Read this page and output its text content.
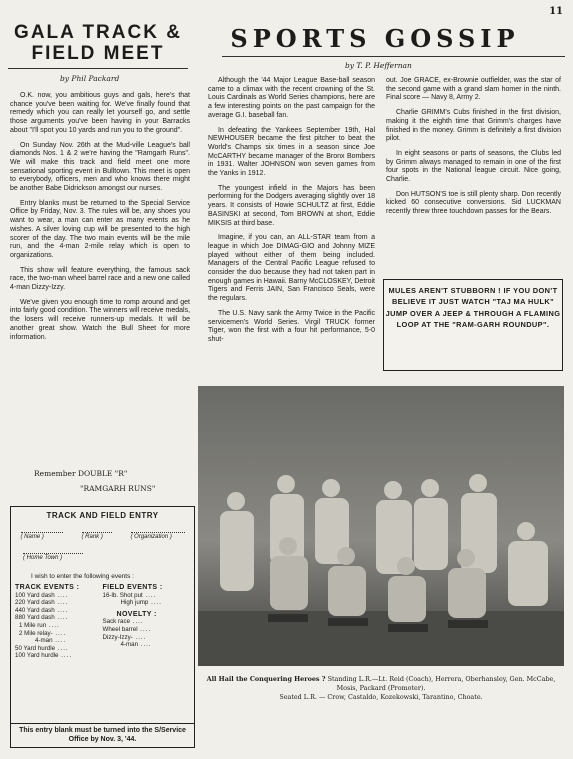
11
GALA TRACK & FIELD MEET
by Phil Packard

O.K. now, you ambitious guys and gals, here's that chance you've been waiting for. We've finally found that remedy which you can really let yourself go, and settle those arguments you've been having in your Barracks about "I'll spot you 10 yards and run you to the ground".

On Sunday Nov. 26th at the Mud-ville League's ball diamonds Nos. 1 & 2 we're having the "Ramgarh Runs". We will make this track and field meet one more sensational sporting event in Bulltown. This meet is open to everybody, officers, men and who knows there might be another Babe Didrickson amongst our nurses.

Entry blanks must be returned to the Special Service Office by Friday, Nov. 3. The rules will be, any shoes you want to wear, a man can enter as many events as he wishes. A silver loving cup will be presented to the high scorer of the day. The two main events will be the mile run, and the 4-man 2-mile relay which is open to organizations.

This show will feature everything, the famous sack race, the two-man wheel barrel race and a new one called 4-man Dizzy-Izzy.

We've given you enough time to romp around and get into fairly good condition. The winners will receive medals, the losers will receive runners-up medals. It will be another great show. Watch the Bull Sheet for more information.

Remember DOUBLE "R"
"RAMGARH RUNS"
TRACK AND FIELD ENTRY
( Name )	( Rank )	( Organization )
( Home Town )
I wish to enter the following events :
TRACK EVENTS :
100 Yard dash ....
220 Yard dash ....
440 Yard dash ....
880 Yard dash ....
1 Mile run ....
2 Mile relay- ....
4-man ....
50 Yard hurdle ....
100 Yard hurdle ....
FIELD EVENTS :
16-lb. Shot put ....
High jump ....
NOVELTY :
Sack race ....
Wheel barrel ....
Dizzy-Izzy- ....
4-man ....
This entry blank must be turned into the S/Service Office by Nov. 3, '44.
SPORTS GOSSIP
by T. P. Heffernan

Although the '44 Major League Base-ball season came to a climax with the recent crowning of the St. Louis Cardinals as World Series champions, here are a few interesting points on the past campaign for the average G.I. baseball fan.

In defeating the Yankees September 19th, Hal NEWHOUSER became the first pitcher to beat the World's Champs six times in a season since Joe McCARTHY became manager of the Bronx Bombers in 1931. Walter JOHNSON won seven games from the Yanks in 1912.

The youngest infield in the Majors has been performing for the Dodgers averaging slightly over 18 years. It consists of Howie SCHULTZ at first, Eddie BASINSKI at second, Tom BROWN at short, Eddie MIKSIS at third base.

Imagine, if you can, an ALL-STAR team from a league in which Joe DIMAG-GIO and Johnny MIZE played without either of them being included. Managers of the Central Pacific League refused to consider the duo because they had not taken part in enough games in Hawaii. Barny McCLOSKEY, Detroit Tigers and Ferris JAIN, San Francisco Seals, were the regulars.

The U.S. Navy sank the Army Twice in the Pacific servicemen's World Series. Virgil TRUCK former Tiger, won the first with a four hit performance, 5-0 shut-

out. Joe GRACE, ex-Brownie outfielder, was the star of the second game with a grand slam homer in the ninth. Final score — Navy 8, Army 2.

Charlie GRIMM's Cubs finished in the first division, making it the eighth time that Grimm's charges have finished in the money. Grimm is definitely a first division pilot.

In eight seasons or parts of seasons, the Clubs led by Grimm always managed to remain in one of the first four spots in the National league circuit. Nice going, Charlie.

Don HUTSON'S toe is still plenty sharp. Don recently kicked 60 consecutive conversions. Sid LUCKMAN recently threw three touchdown passes for the Bears.

MULES AREN'T STUBBORN ! IF YOU DON'T BELIEVE IT JUST WATCH "TAJ MA HULK" JUMP OVER A JEEP & THROUGH A FLAMING LOOP AT THE "RAM-GARH ROUNDUP".
All Hail the Conquering Heroes ? Standing L.R.—Lt. Reid (Coach), Herrera, Oberhansley, Gen. McCabe, Mosis, Packard (Promoter).
Seated L.R. — Crow, Castaldo, Kozekowski, Tarantino, Choate.
